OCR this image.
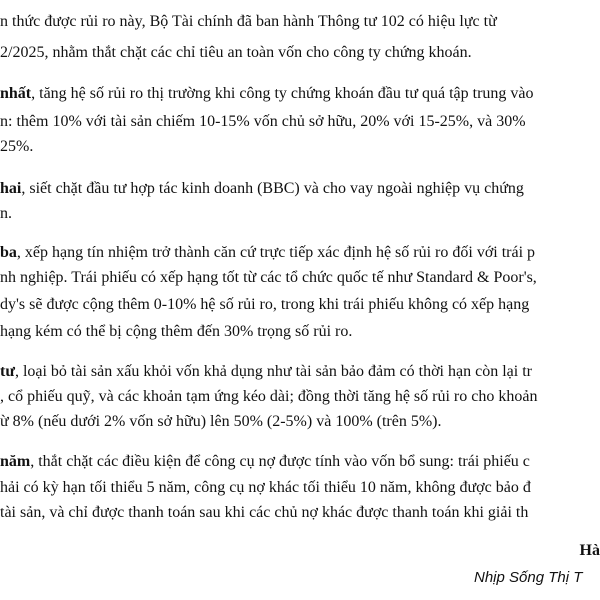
n thức được rủi ro này, Bộ Tài chính đã ban hành Thông tư 102 có hiệu lực từ
2/2025, nhằm thắt chặt các chỉ tiêu an toàn vốn cho công ty chứng khoán.
nhất, tăng hệ số rủi ro thị trường khi công ty chứng khoán đầu tư quá tập trung vào
n: thêm 10% với tài sản chiếm 10-15% vốn chủ sở hữu, 20% với 15-25%, và 30%
25%.
hai, siết chặt đầu tư hợp tác kinh doanh (BBC) và cho vay ngoài nghiệp vụ chứng
n.
ba, xếp hạng tín nhiệm trở thành căn cứ trực tiếp xác định hệ số rủi ro đối với trái p
nh nghiệp. Trái phiếu có xếp hạng tốt từ các tổ chức quốc tế như Standard & Poor's,
dy's sẽ được cộng thêm 0-10% hệ số rủi ro, trong khi trái phiếu không có xếp hạng
hạng kém có thể bị cộng thêm đến 30% trọng số rủi ro.
tư, loại bỏ tài sản xấu khỏi vốn khả dụng như tài sản bảo đảm có thời hạn còn lại tr
, cổ phiếu quỹ, và các khoản tạm ứng kéo dài; đồng thời tăng hệ số rủi ro cho khoản
ừ 8% (nếu dưới 2% vốn sở hữu) lên 50% (2-5%) và 100% (trên 5%).
năm, thắt chặt các điều kiện để công cụ nợ được tính vào vốn bổ sung: trái phiếu c
hải có kỳ hạn tối thiểu 5 năm, công cụ nợ khác tối thiểu 10 năm, không được bảo đ
tài sản, và chỉ được thanh toán sau khi các chủ nợ khác được thanh toán khi giải th
Hà
Nhịp Sống Thị T
